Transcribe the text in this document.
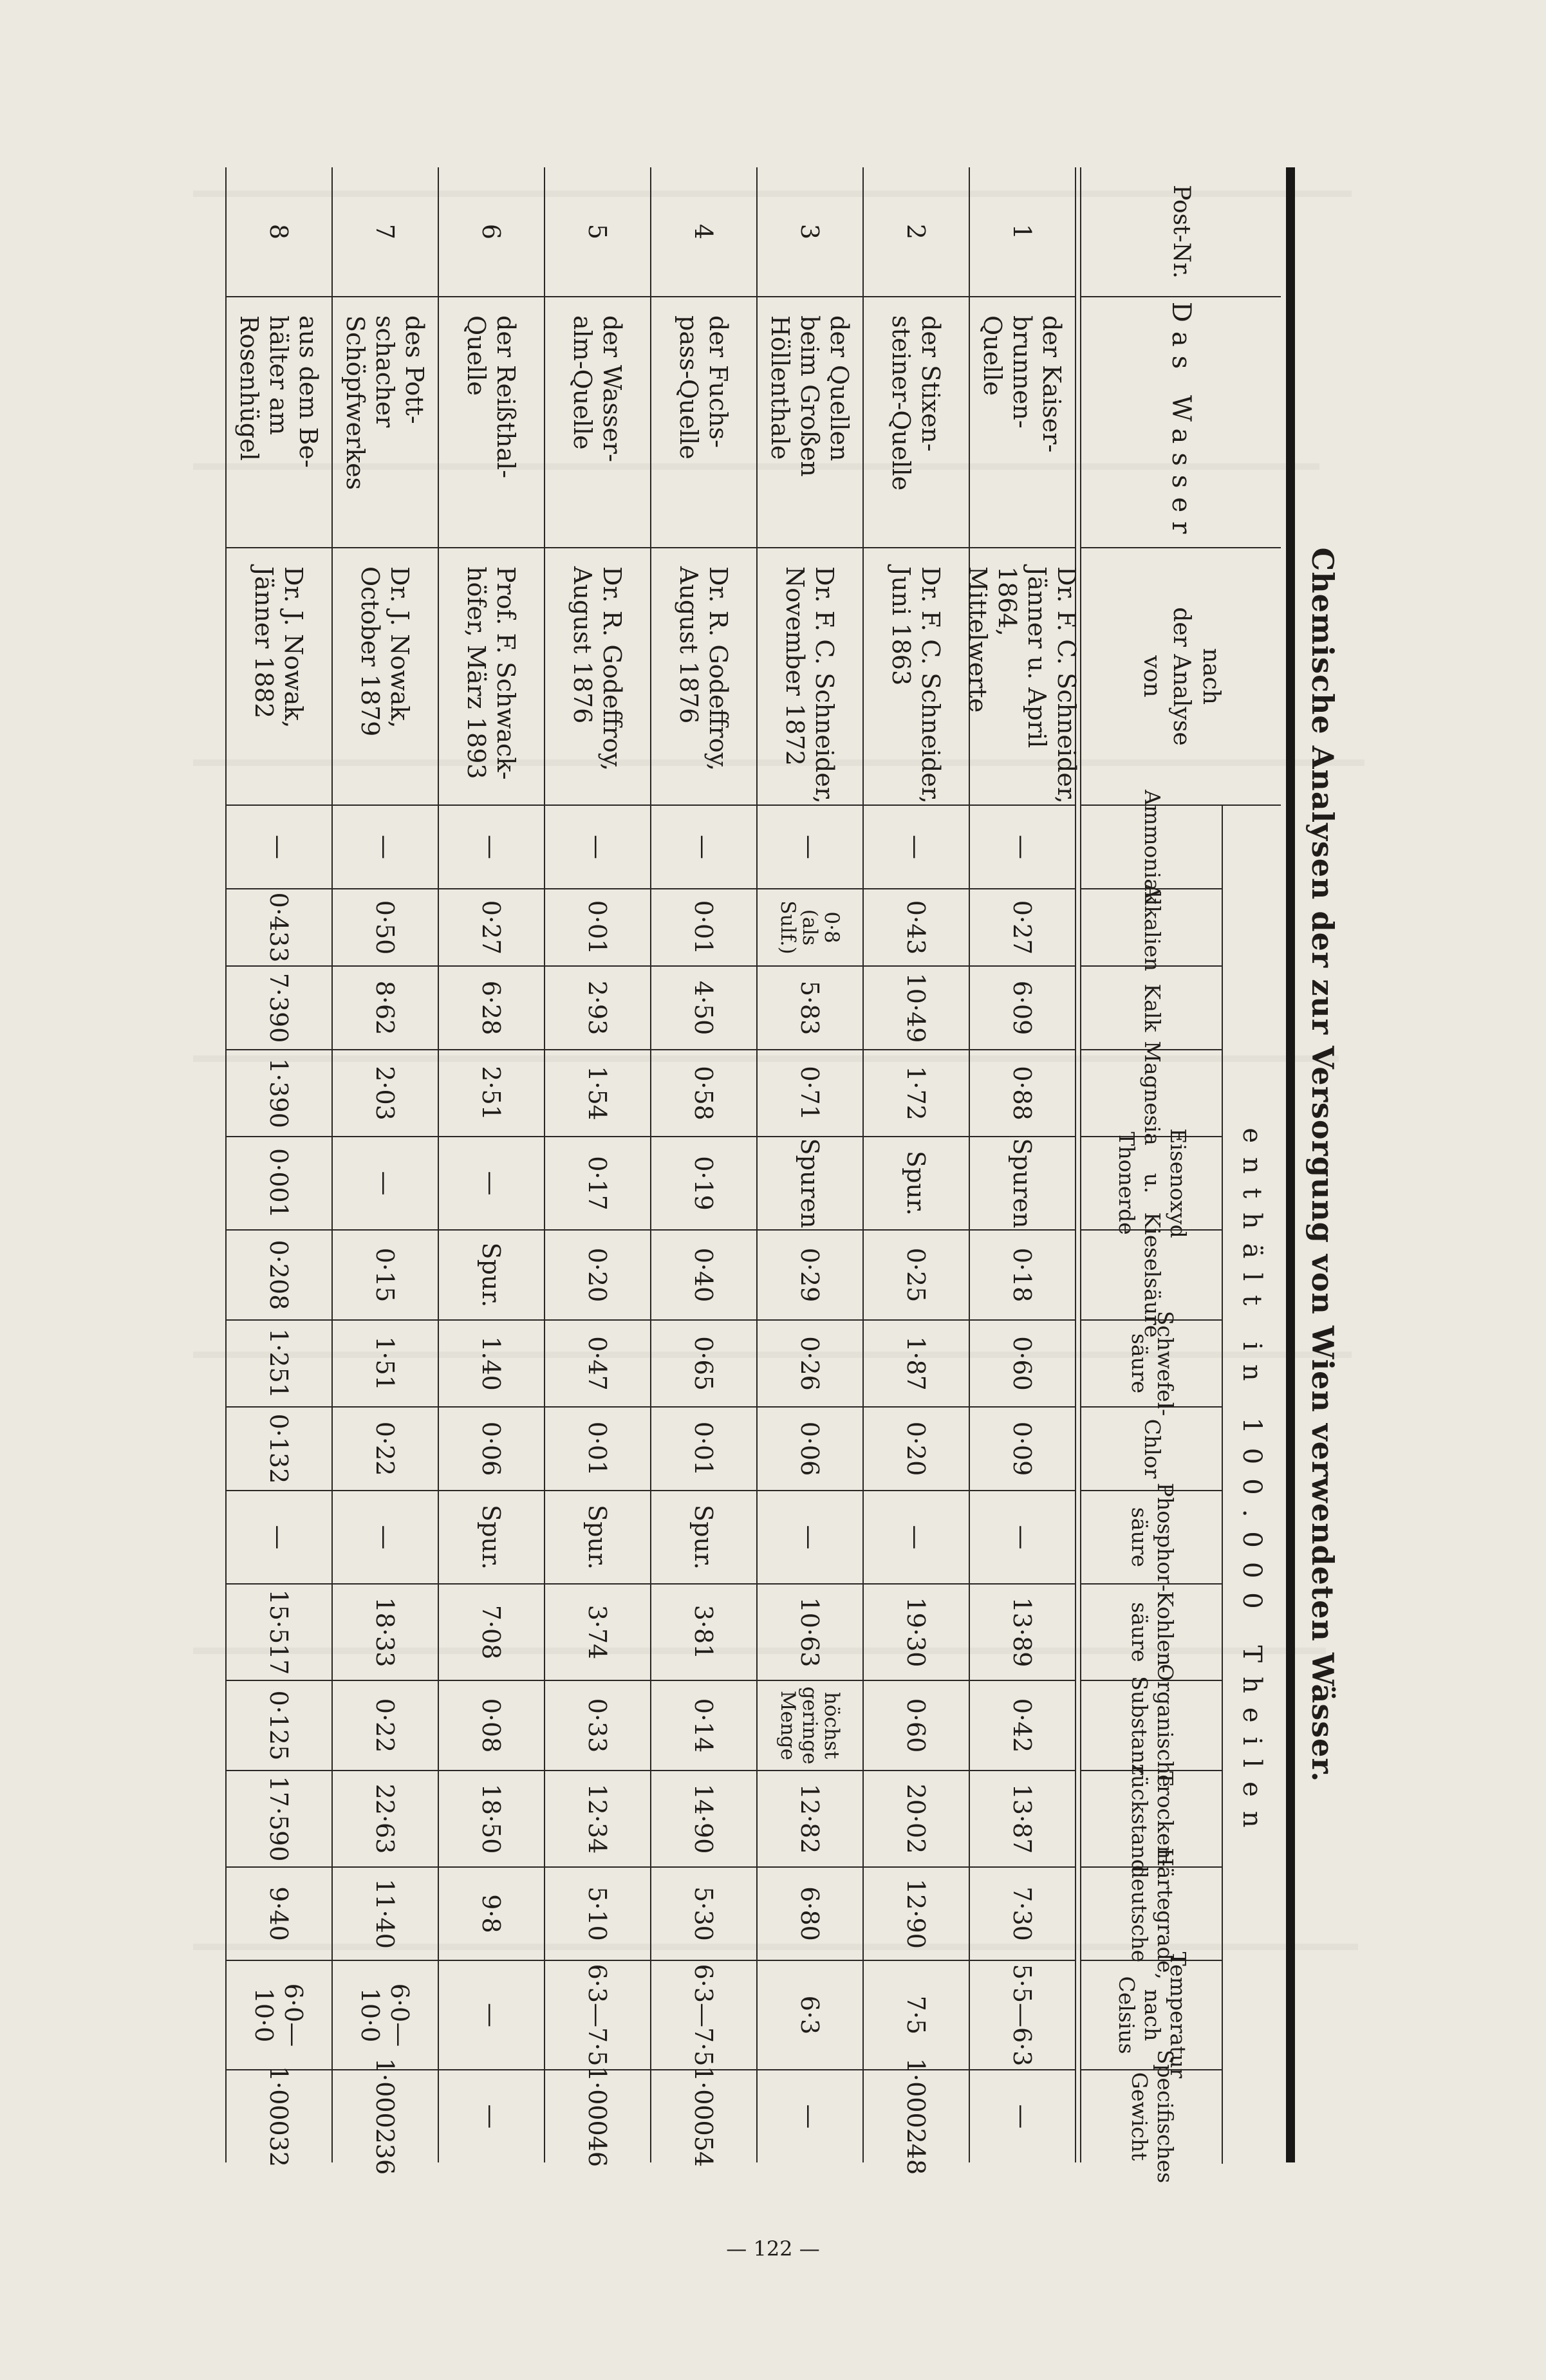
Chemische Analysen der zur Versorgung von Wien verwendeten Wässer.
Post-Nr.
Das Wasser
nach
der Analyse
von
enthält in 100.000 Theilen
Ammoniak
Alkalien
Kalk
Magnesia
Eisenoxyd
u. Thonerde
Kieselsäure
Schwefel-
säure
Chlor
Phosphor-
säure
Kohlen-
säure
Organische
Substanz
Trocken-
rückstand
Härtegrade,
deutsche
Temperatur
nach
Celsius
Specifisches
Gewicht
1
der Kaiser-
brunnen-
Quelle
Dr. F. C. Schneider,
Jänner u. April 1864,
Mittelwerte
—
0·27
6·09
0·88
Spuren
0·18
0·60
0·09
—
13·89
0·42
13·87
7·30
5·5—6·3
—
2
der Stixen-
steiner-Quelle
Dr. F. C. Schneider,
Juni 1863
—
0·43
10·49
1·72
Spur.
0·25
1·87
0·20
—
19·30
0·60
20·02
12·90
7·5
1·000248
3
der Quellen
beim Großen
Höllenthale
Dr. F. C. Schneider,
November 1872
—
0·8
(als
Sulf.)
5·83
0·71
Spuren
0·29
0·26
0·06
—
10·63
höchst
geringe
Menge
12·82
6·80
6·3
—
4
der Fuchs-
pass-Quelle
Dr. R. Godeffroy,
August 1876
—
0·01
4·50
0·58
0·19
0·40
0·65
0·01
Spur.
3·81
0·14
14·90
5·30
6·3—7·5
1·00054
5
der Wasser-
alm-Quelle
Dr. R. Godeffroy,
August 1876
—
0·01
2·93
1·54
0·17
0·20
0·47
0·01
Spur.
3·74
0·33
12·34
5·10
6·3—7·5
1·00046
6
der Reißthal-
Quelle
Prof. F. Schwack-
höfer, März 1893
—
0·27
6·28
2·51
—
Spur.
1.40
0·06
Spur.
7·08
0·08
18·50
9·8
—
—
7
des Pott-
schacher
Schöpfwerkes
Dr. J. Nowak,
October 1879
—
0·50
8·62
2·03
—
0·15
1·51
0·22
—
18·33
0·22
22·63
11·40
6·0—10·0
1·000236
8
aus dem Be-
hälter am
Rosenhügel
Dr. J. Nowak,
Jänner 1882
—
0·433
7·390
1·390
0·001
0·208
1·251
0·132
—
15·517
0·125
17·590
9·40
6·0—10·0
1·00032
— 122 —
